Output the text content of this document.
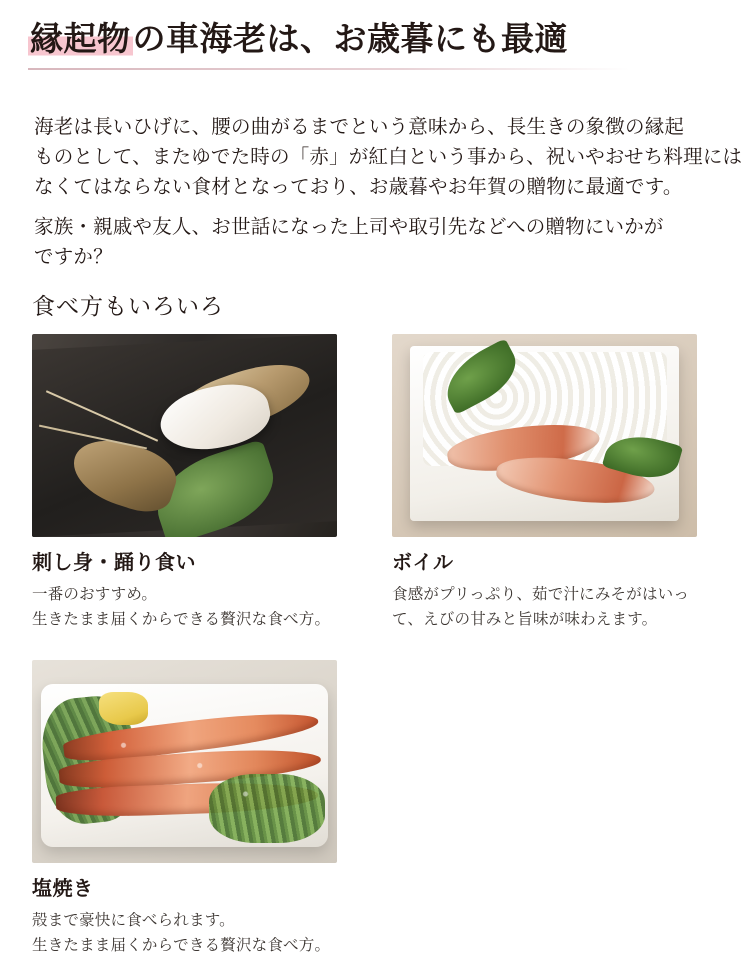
縁起物の車海老は、お歳暮にも最適
海老は長いひげに、腰の曲がるまでという意味から、長生きの象徴の縁起
ものとして、またゆでた時の「赤」が紅白という事から、祝いやおせち料理には
なくてはならない食材となっており、お歳暮やお年賀の贈物に最適です。
家族・親戚や友人、お世話になった上司や取引先などへの贈物にいかが
ですか？
食べ方もいろいろ
刺し身・踊り食い
一番のおすすめ。
生きたまま届くからできる贅沢な食べ方。
ボイル
食感がプリっぷり、茹で汁にみそがはいっ
て、えびの甘みと旨味が味わえます。
塩焼き
殻まで豪快に食べられます。
生きたまま届くからできる贅沢な食べ方。
